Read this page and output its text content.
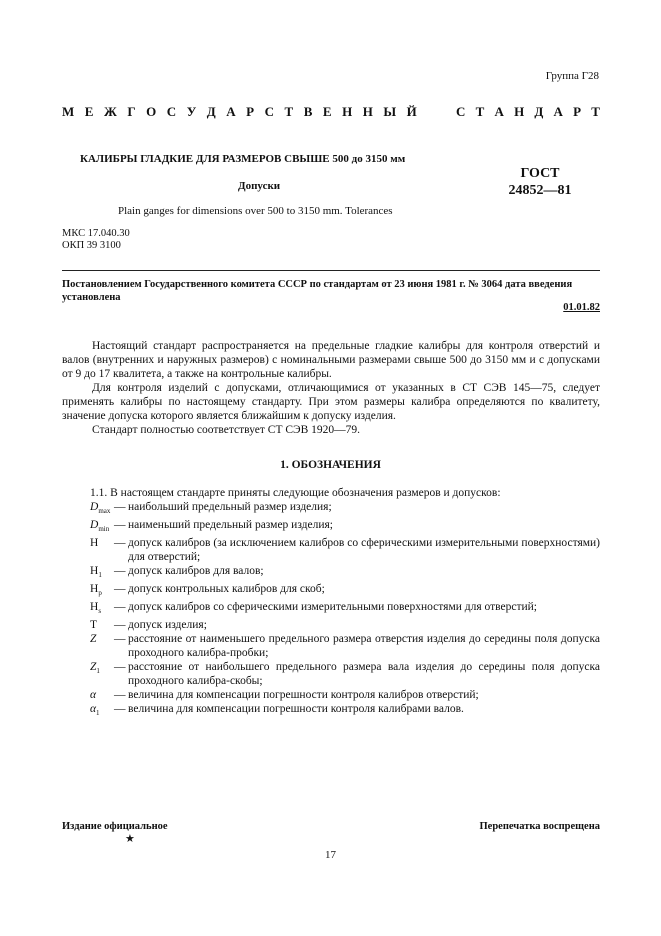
Группа Г28
М Е Ж Г О С У Д А Р С Т В Е Н Н Ы Й	С Т А Н Д А Р Т
КАЛИБРЫ ГЛАДКИЕ ДЛЯ РАЗМЕРОВ СВЫШЕ 500 до 3150 мм
ГОСТ
24852—81
Допуски
Plain ganges for dimensions over 500 to 3150 mm. Tolerances
МКС 17.040.30
ОКП 39 3100
Постановлением Государственного комитета СССР по стандартам от 23 июня 1981 г. № 3064 дата введения установлена
01.01.82

Настоящий стандарт распространяется на предельные гладкие калибры для контроля отверстий и валов (внутренних и наружных размеров) с номинальными размерами свыше 500 до 3150 мм и с допусками от 9 до 17 квалитета, а также на контрольные калибры.

Для контроля изделий с допусками, отличающимися от указанных в СТ СЭВ 145—75, следует применять калибры по настоящему стандарту. При этом размеры калибра определяются по квалитету, значение допуска которого является ближайшим к допуску изделия.

Стандарт полностью соответствует СТ СЭВ 1920—79.

1. ОБОЗНАЧЕНИЯ
1.1. В настоящем стандарте приняты следующие обозначения размеров и допусков:
$D_{max}$ — наибольший предельный размер изделия;
$D_{min}$ — наименьший предельный размер изделия;
H	— допуск калибров (за исключением калибров со сферическими измерительными поверхностями) для отверстий;
$H_1$	— допуск калибров для валов;
$H_p$	— допуск контрольных калибров для скоб;
$H_s$	— допуск калибров со сферическими измерительными поверхностями для отверстий;
T	— допуск изделия;
Z	— расстояние от наименьшего предельного размера отверстия изделия до середины поля допуска проходного калибра-пробки;
$Z_1$	— расстояние от наибольшего предельного размера вала изделия до середины поля допуска проходного калибра-скобы;
α	— величина для компенсации погрешности контроля калибров отверстий;
$\alpha_1$	— величина для компенсации погрешности контроля калибрами валов.
Издание официальное
★
Перепечатка воспрещена
17
